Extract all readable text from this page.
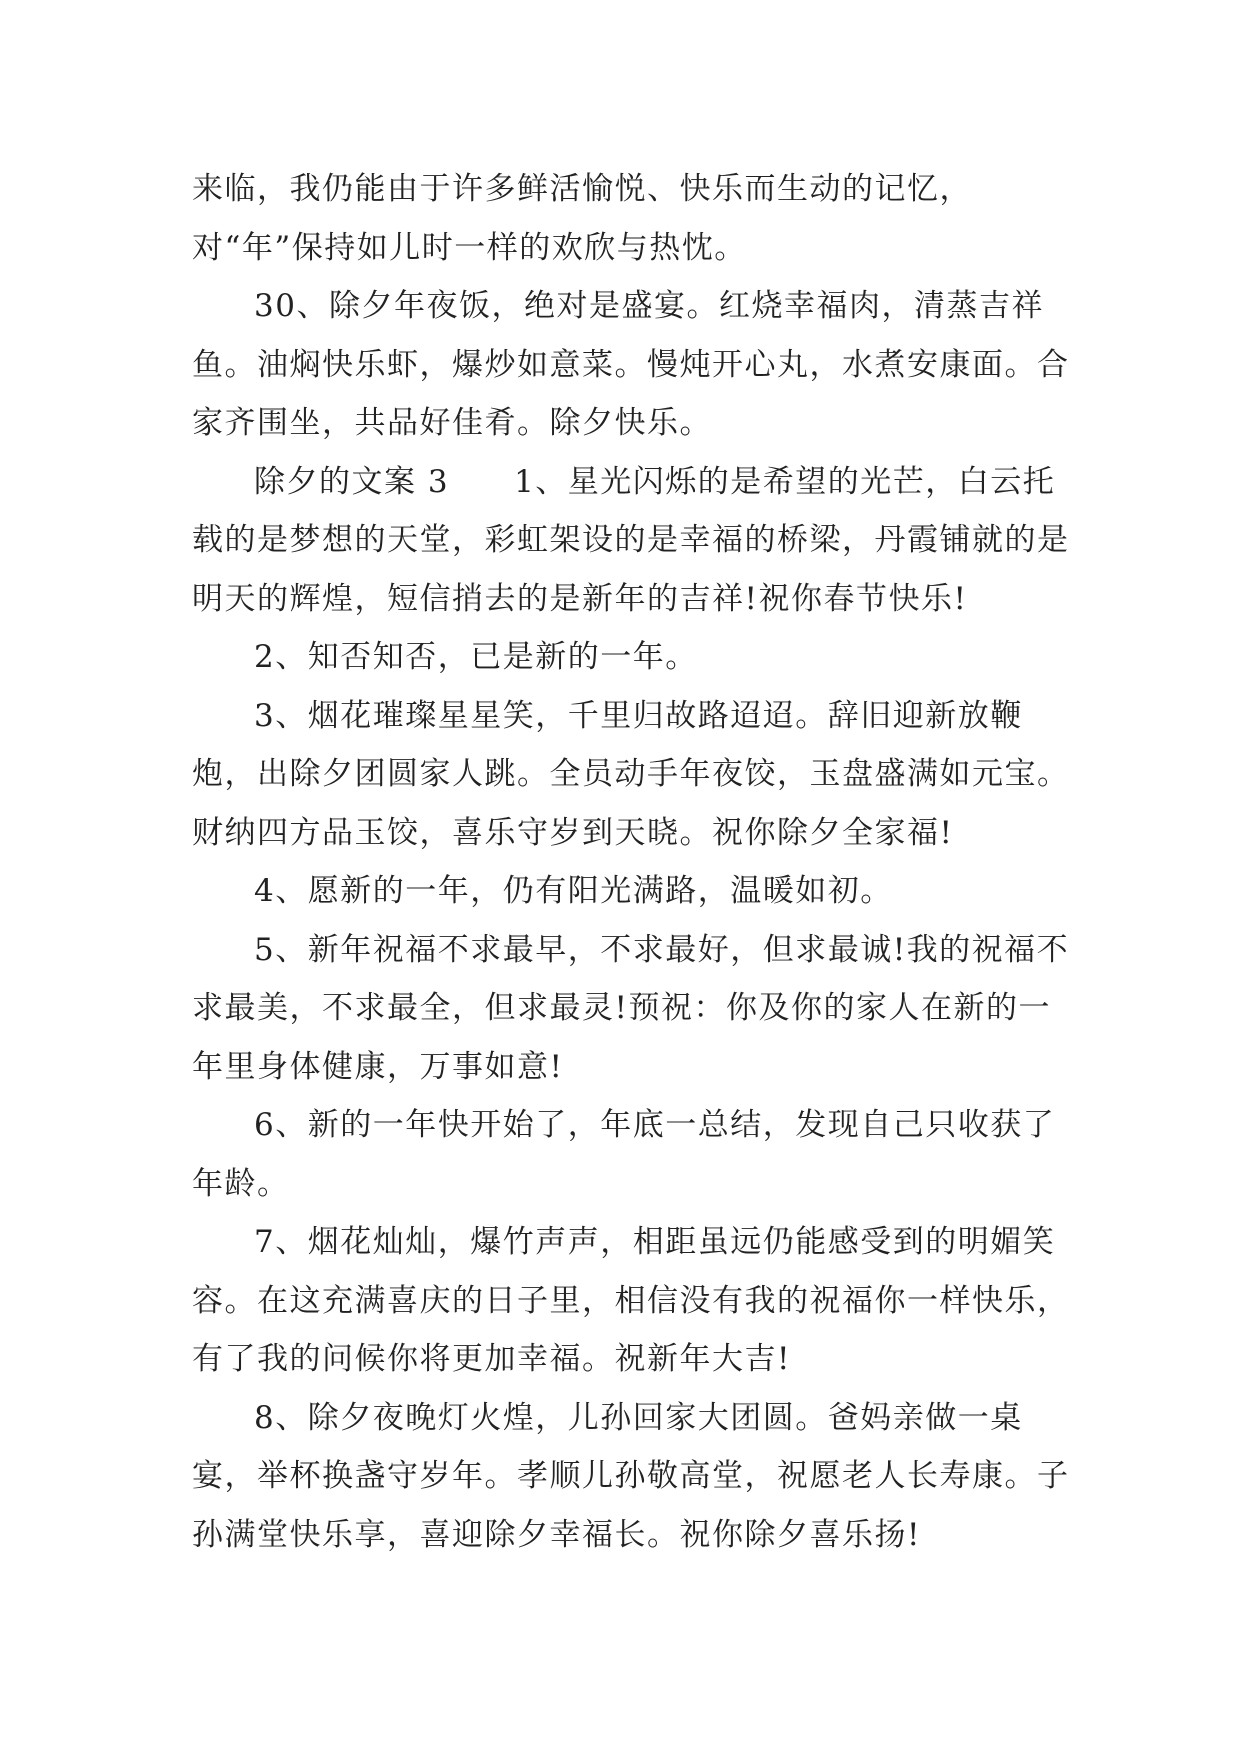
来临，我仍能由于许多鲜活愉悦、快乐而生动的记忆，对“年”保持如儿时一样的欢欣与热忱。

30、除夕年夜饭，绝对是盛宴。红烧幸福肉，清蒸吉祥鱼。油焖快乐虾，爆炒如意菜。慢炖开心丸，水煮安康面。合家齐围坐，共品好佳肴。除夕快乐。

除夕的文案 3　　1、星光闪烁的是希望的光芒，白云托载的是梦想的天堂，彩虹架设的是幸福的桥梁，丹霞铺就的是明天的辉煌，短信捎去的是新年的吉祥!祝你春节快乐!

2、知否知否，已是新的一年。

3、烟花璀璨星星笑，千里归故路迢迢。辞旧迎新放鞭炮，出除夕团圆家人跳。全员动手年夜饺，玉盘盛满如元宝。财纳四方品玉饺，喜乐守岁到天晓。祝你除夕全家福!

4、愿新的一年，仍有阳光满路，温暖如初。

5、新年祝福不求最早，不求最好，但求最诚!我的祝福不求最美，不求最全，但求最灵!预祝：你及你的家人在新的一年里身体健康，万事如意!

6、新的一年快开始了，年底一总结，发现自己只收获了年龄。

7、烟花灿灿，爆竹声声，相距虽远仍能感受到的明媚笑容。在这充满喜庆的日子里，相信没有我的祝福你一样快乐，有了我的问候你将更加幸福。祝新年大吉!

8、除夕夜晚灯火煌，儿孙回家大团圆。爸妈亲做一桌宴，举杯换盏守岁年。孝顺儿孙敬高堂，祝愿老人长寿康。子孙满堂快乐享，喜迎除夕幸福长。祝你除夕喜乐扬!
